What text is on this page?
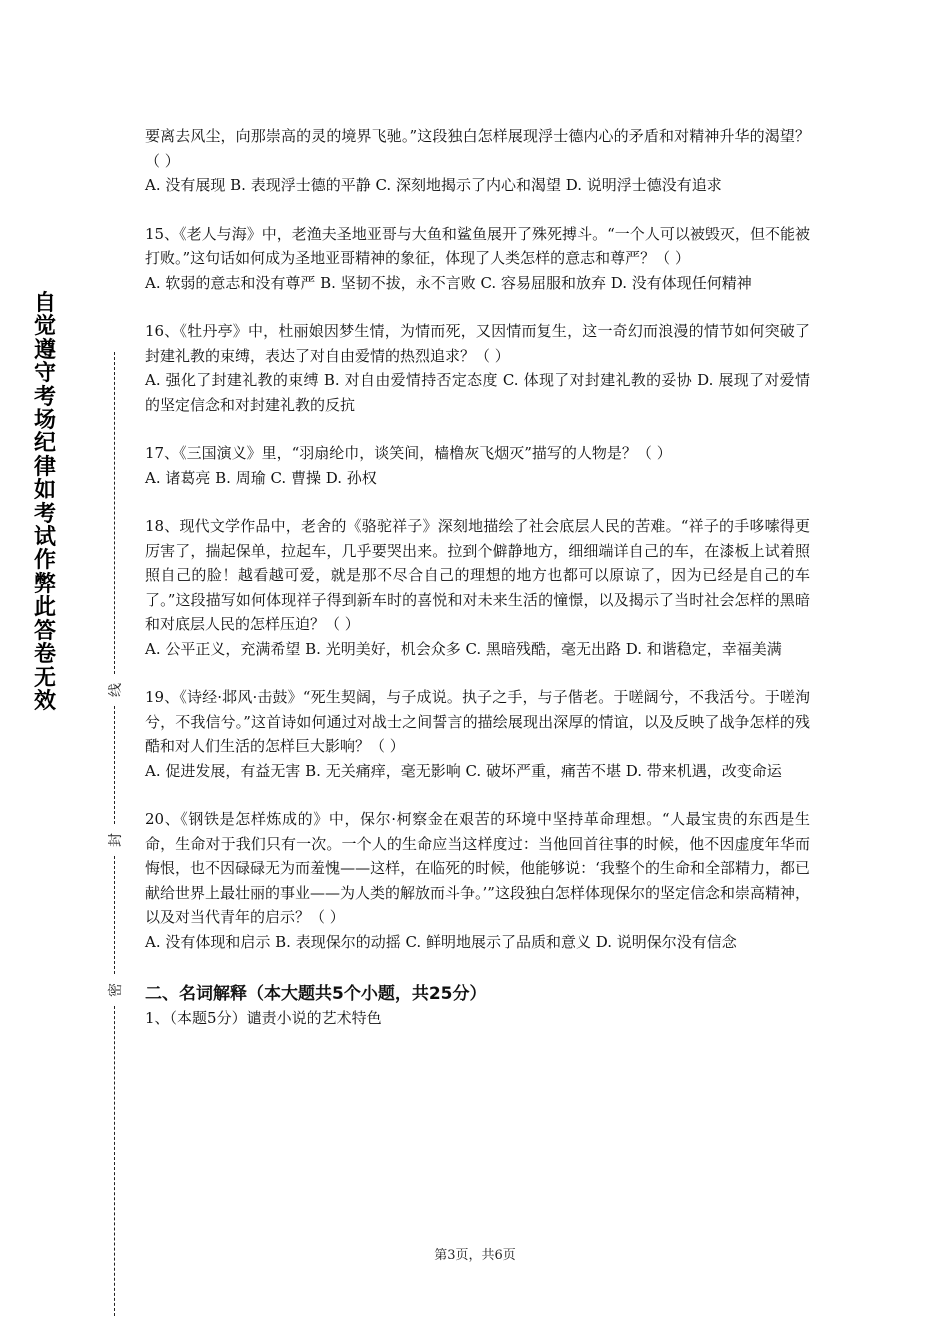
自觉遵守考场纪律如考试作弊此答卷无效	线
封
密

要离去风尘，向那崇高的灵的境界飞驰。”这段独白怎样展现浮士德内心的矛盾和对精神升华的渴望？（ ）

A. 没有展现 B. 表现浮士德的平静 C. 深刻地揭示了内心和渴望 D. 说明浮士德没有追求

15、《老人与海》中，老渔夫圣地亚哥与大鱼和鲨鱼展开了殊死搏斗。“一个人可以被毁灭，但不能被打败。”这句话如何成为圣地亚哥精神的象征，体现了人类怎样的意志和尊严？（ ）

A. 软弱的意志和没有尊严 B. 坚韧不拔，永不言败 C. 容易屈服和放弃 D. 没有体现任何精神

16、《牡丹亭》中，杜丽娘因梦生情，为情而死，又因情而复生，这一奇幻而浪漫的情节如何突破了封建礼教的束缚，表达了对自由爱情的热烈追求？（ ）

A. 强化了封建礼教的束缚 B. 对自由爱情持否定态度 C. 体现了对封建礼教的妥协 D. 展现了对爱情的坚定信念和对封建礼教的反抗

17、《三国演义》里，“羽扇纶巾，谈笑间，樯橹灰飞烟灭”描写的人物是？（ ）

A. 诸葛亮 B. 周瑜 C. 曹操 D. 孙权

18、现代文学作品中，老舍的《骆驼祥子》深刻地描绘了社会底层人民的苦难。“祥子的手哆嗦得更厉害了，揣起保单，拉起车，几乎要哭出来。拉到个僻静地方，细细端详自己的车，在漆板上试着照照自己的脸！越看越可爱，就是那不尽合自己的理想的地方也都可以原谅了，因为已经是自己的车了。”这段描写如何体现祥子得到新车时的喜悦和对未来生活的憧憬，以及揭示了当时社会怎样的黑暗和对底层人民的怎样压迫？（ ）

A. 公平正义，充满希望 B. 光明美好，机会众多 C. 黑暗残酷，毫无出路 D. 和谐稳定，幸福美满

19、《诗经·邶风·击鼓》“死生契阔，与子成说。执子之手，与子偕老。于嗟阔兮，不我活兮。于嗟洵兮，不我信兮。”这首诗如何通过对战士之间誓言的描绘展现出深厚的情谊，以及反映了战争怎样的残酷和对人们生活的怎样巨大影响？（ ）

A. 促进发展，有益无害 B. 无关痛痒，毫无影响 C. 破坏严重，痛苦不堪 D. 带来机遇，改变命运

20、《钢铁是怎样炼成的》中，保尔·柯察金在艰苦的环境中坚持革命理想。“人最宝贵的东西是生命，生命对于我们只有一次。一个人的生命应当这样度过：当他回首往事的时候，他不因虚度年华而悔恨，也不因碌碌无为而羞愧——这样，在临死的时候，他能够说：‘我整个的生命和全部精力，都已献给世界上最壮丽的事业——为人类的解放而斗争。’”这段独白怎样体现保尔的坚定信念和崇高精神，以及对当代青年的启示？（ ）

A. 没有体现和启示 B. 表现保尔的动摇 C. 鲜明地展示了品质和意义 D. 说明保尔没有信念

二、名词解释（本大题共5个小题，共25分）

1、（本题5分）谴责小说的艺术特色

第3页，共6页
